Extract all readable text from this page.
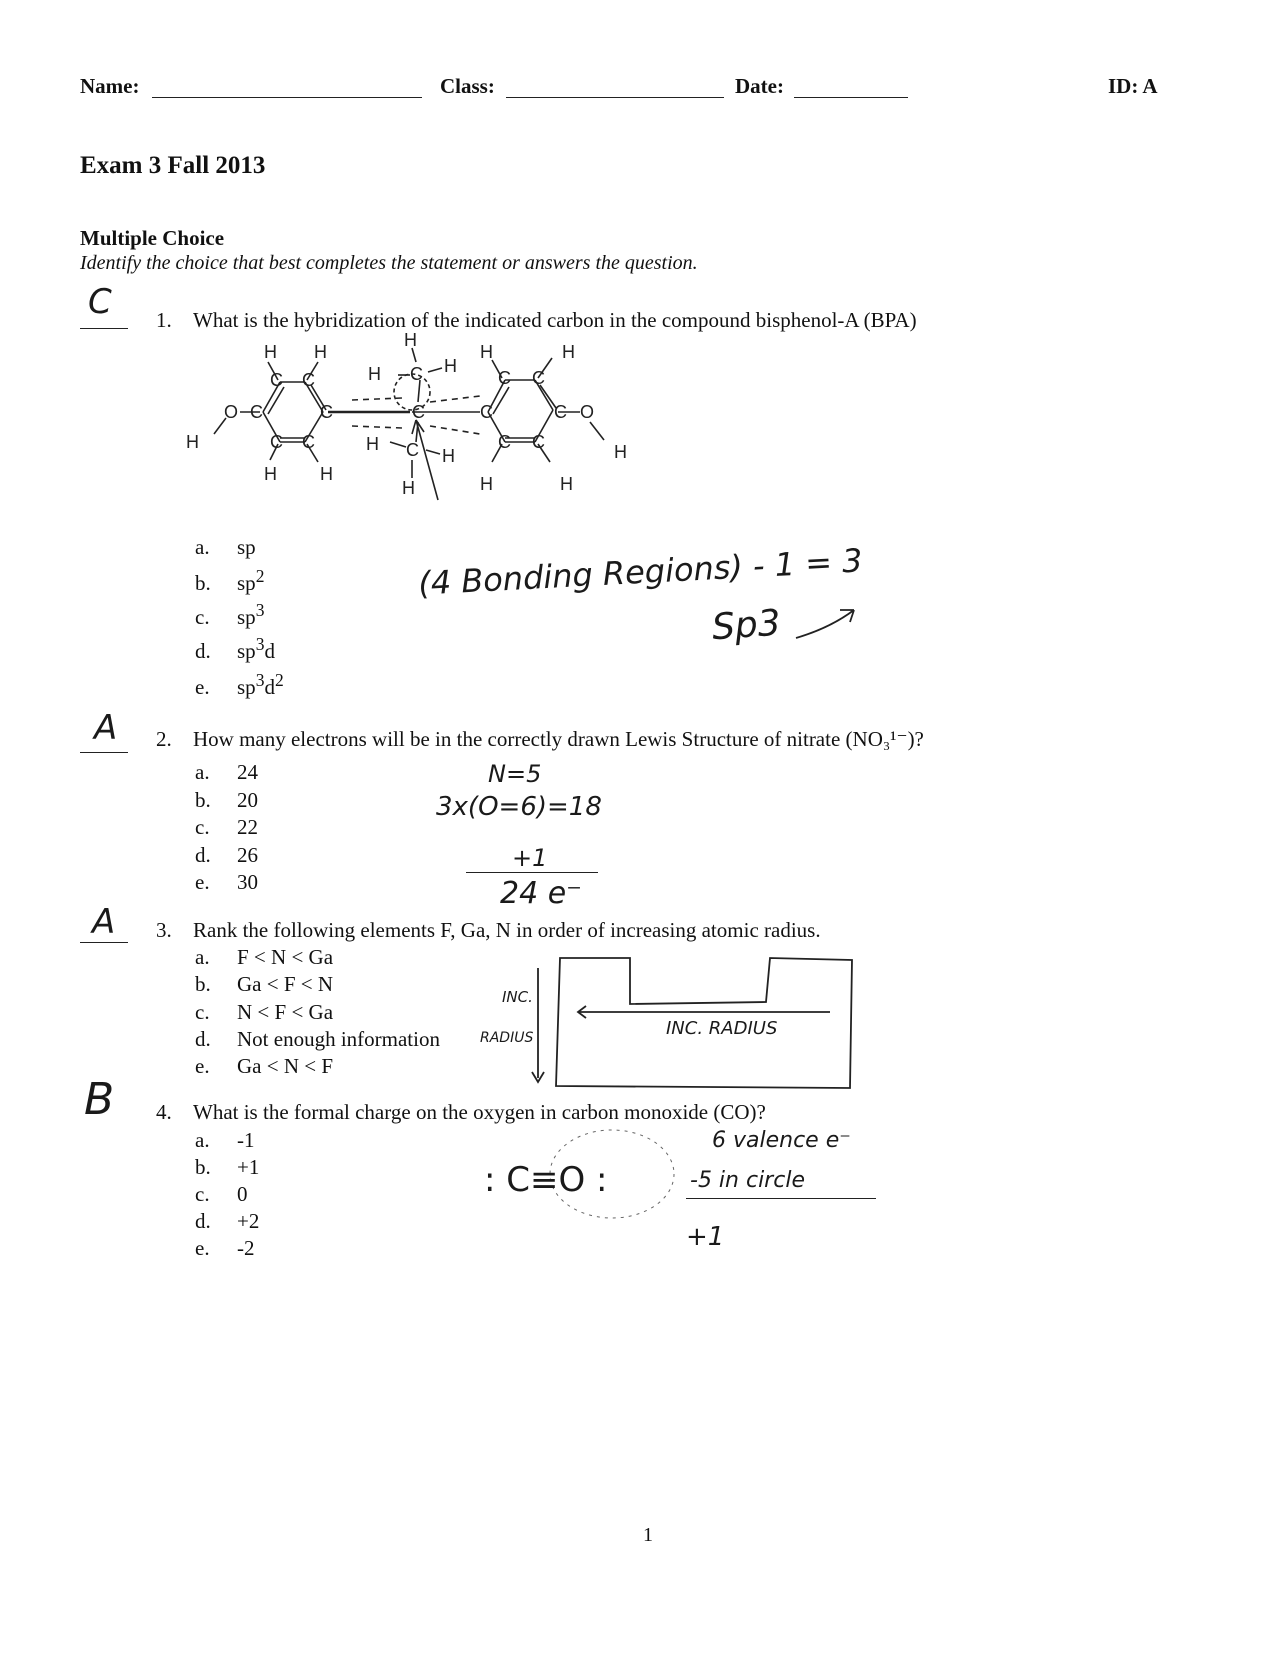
Name:	Class:	Date:	ID: A
Exam 3 Fall 2013
Multiple Choice
Identify the choice that best completes the statement or answers the question.
C 1. What is the hybridization of the indicated carbon in the compound bisphenol-A (BPA)
H H
C C
C	C
O
H	C C
H H
H
H C H
C
H C H
H
H	H
C C
C	C O
C C	H
H	H
a. sp
b. $sp^2$
c. $sp^3$
d. $sp^3d$
e. $sp^3d^2$
(4 Bonding Regions) - 1 = 3
Sp3
A 2. How many electrons will be in the correctly drawn Lewis Structure of nitrate (NO₃¹⁻)?
a. 24
b. 20
c. 22
d. 26
e. 30
N=5
3x(O=6)=18
+1
24 e⁻
A 3. Rank the following elements F, Ga, N in order of increasing atomic radius.
a. F < N < Ga
b. Ga < F < N
c. N < F < Ga
d. Not enough information
e. Ga < N < F
INC.
RADIUS	INC. RADIUS
B 4. What is the formal charge on the oxygen in carbon monoxide (CO)?
a. -1
b. +1
c. 0
d. +2
e. -2
: C≡O :
6 valence e⁻
-5 in circle
+1
1
